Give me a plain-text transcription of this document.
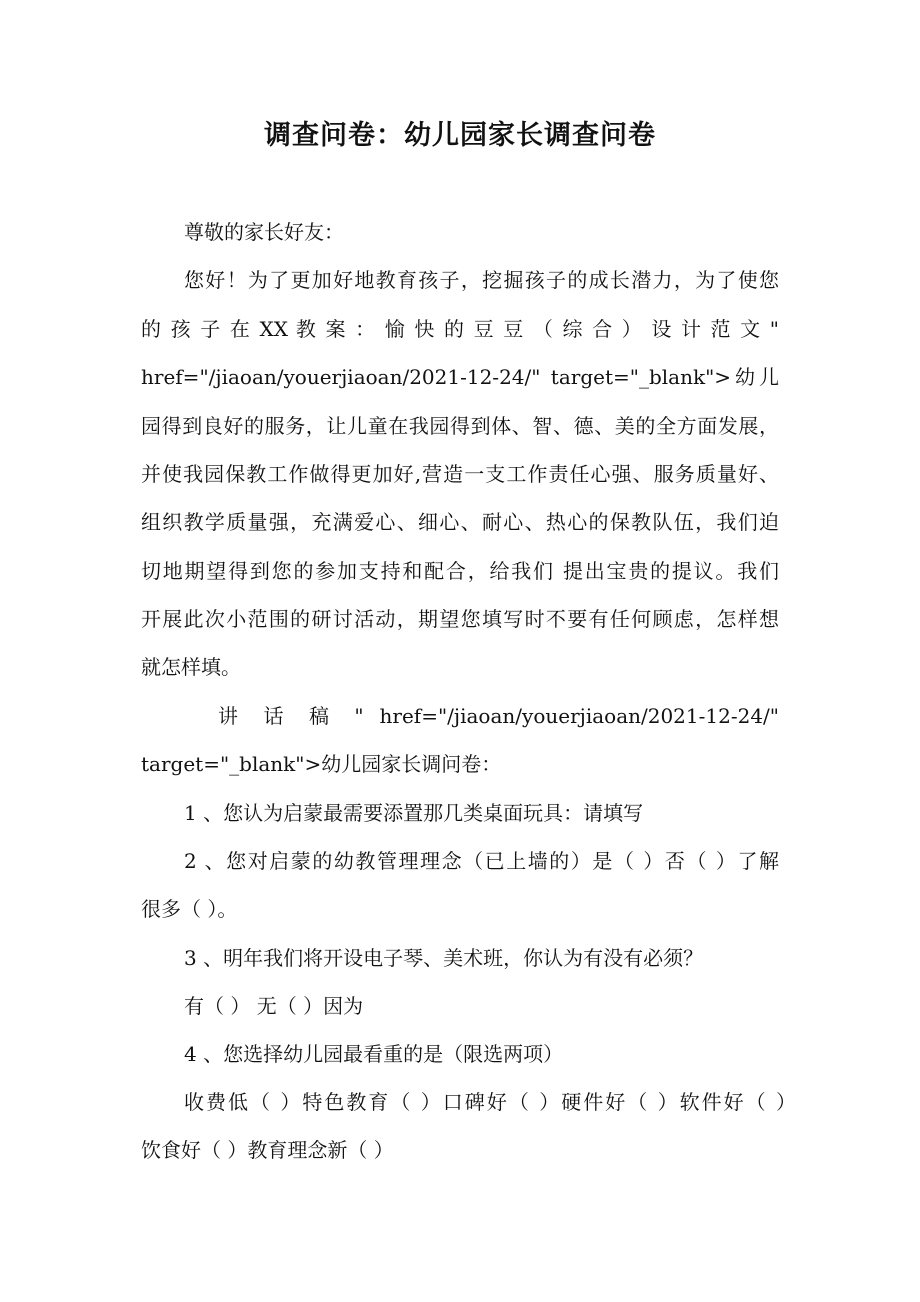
调查问卷：幼儿园家长调查问卷
尊敬的家长好友：
您好！为了更加好地教育孩子，挖掘孩子的成长潜力，为了使您
的 孩 子 在 XX 教 案 ： 愉 快 的 豆 豆 （ 综 合 ） 设 计 范 文 "
href="/jiaoan/youerjiaoan/2021-12-24/" target="_blank">幼儿
园得到良好的服务，让儿童在我园得到体、智、德、美的全方面发展，
并使我园保教工作做得更加好,营造一支工作责任心强、服务质量好、
组织教学质量强，充满爱心、细心、耐心、热心的保教队伍，我们迫
切地期望得到您的参加支持和配合，给我们 提出宝贵的提议。我们
开展此次小范围的研讨活动，期望您填写时不要有任何顾虑，怎样想
就怎样填。
讲 话 稿 " href="/jiaoan/youerjiaoan/2021-12-24/"
target="_blank">幼儿园家长调问卷：
1 、您认为启蒙最需要添置那几类桌面玩具：请填写
2 、您对启蒙的幼教管理理念（已上墙的）是（ ）否（ ）了解
很多（ ）。
3 、明年我们将开设电子琴、美术班，你认为有没有必须？
有（ ） 无（ ）因为
4 、您选择幼儿园最看重的是（限选两项）
收费低（ ）特色教育（ ）口碑好（ ）硬件好（ ）软件好（ ）
饮食好（ ）教育理念新（ ）
